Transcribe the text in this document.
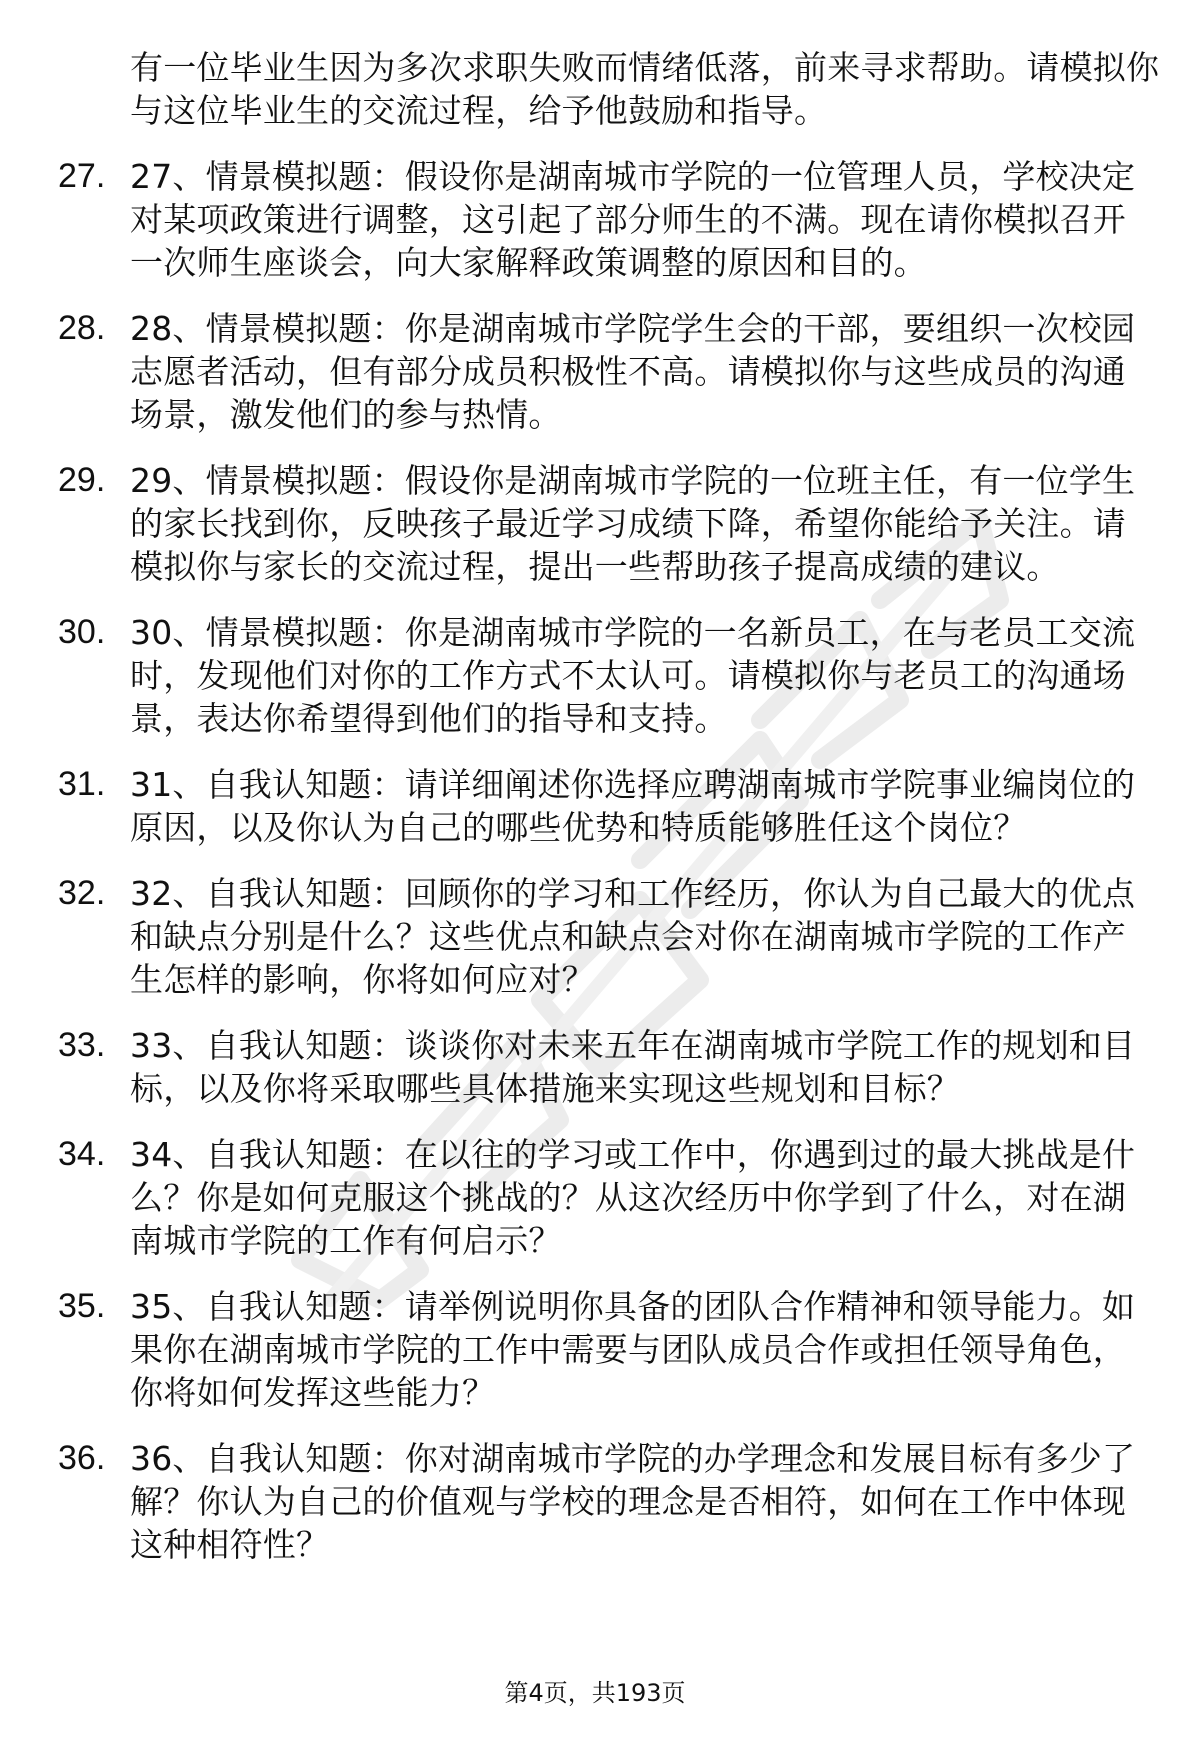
有一位毕业生因为多次求职失败而情绪低落，前来寻求帮助。请模拟你与这位毕业生的交流过程，给予他鼓励和指导。
27. 27、情景模拟题：假设你是湖南城市学院的一位管理人员，学校决定对某项政策进行调整，这引起了部分师生的不满。现在请你模拟召开一次师生座谈会，向大家解释政策调整的原因和目的。
28. 28、情景模拟题：你是湖南城市学院学生会的干部，要组织一次校园志愿者活动，但有部分成员积极性不高。请模拟你与这些成员的沟通场景，激发他们的参与热情。
29. 29、情景模拟题：假设你是湖南城市学院的一位班主任，有一位学生的家长找到你，反映孩子最近学习成绩下降，希望你能给予关注。请模拟你与家长的交流过程，提出一些帮助孩子提高成绩的建议。
30. 30、情景模拟题：你是湖南城市学院的一名新员工，在与老员工交流时，发现他们对你的工作方式不太认可。请模拟你与老员工的沟通场景，表达你希望得到他们的指导和支持。
31. 31、自我认知题：请详细阐述你选择应聘湖南城市学院事业编岗位的原因，以及你认为自己的哪些优势和特质能够胜任这个岗位？
32. 32、自我认知题：回顾你的学习和工作经历，你认为自己最大的优点和缺点分别是什么？这些优点和缺点会对你在湖南城市学院的工作产生怎样的影响，你将如何应对？
33. 33、自我认知题：谈谈你对未来五年在湖南城市学院工作的规划和目标，以及你将采取哪些具体措施来实现这些规划和目标？
34. 34、自我认知题：在以往的学习或工作中，你遇到过的最大挑战是什么？你是如何克服这个挑战的？从这次经历中你学到了什么，对在湖南城市学院的工作有何启示？
35. 35、自我认知题：请举例说明你具备的团队合作精神和领导能力。如果你在湖南城市学院的工作中需要与团队成员合作或担任领导角色，你将如何发挥这些能力？
36. 36、自我认知题：你对湖南城市学院的办学理念和发展目标有多少了解？你认为自己的价值观与学校的理念是否相符，如何在工作中体现这种相符性？
第4页，共193页
